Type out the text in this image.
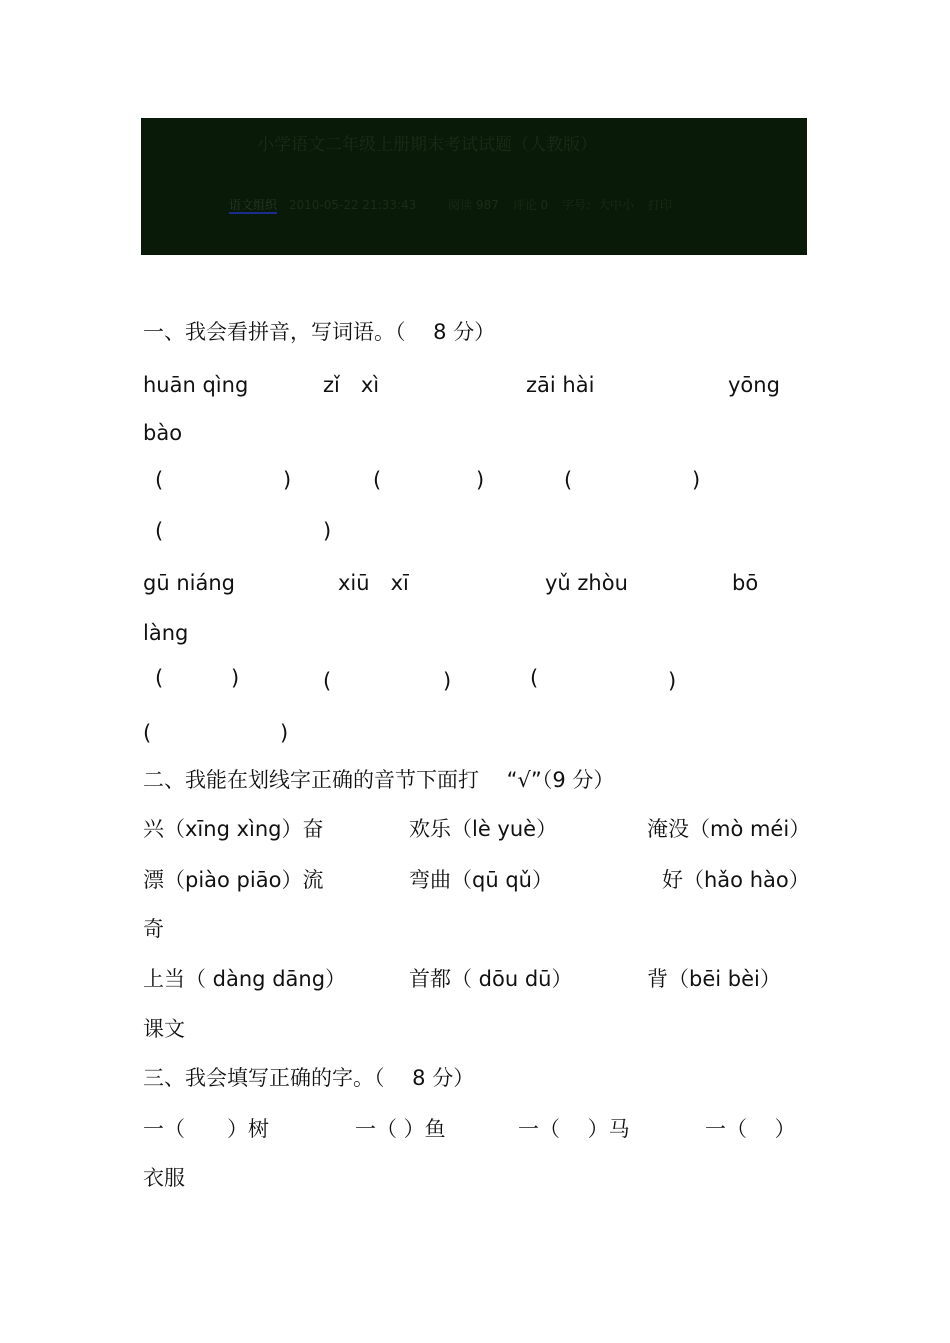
小学语文二年级上册期末考试试题（人教版）
语文组织 2010-05-22 21:33:43	阅读 987 评论 0 字号：大中小 打印
一、我会看拼音，写词语。（　 8 分）
huān qìng	zǐ　xì	zāi hài	yōng
bào
(	)	(	)	(	)
(	)
gū niáng	xiū　xī	yǔ zhòu	bō
làng
(	)	(	)	(	)
(	)
二、我能在划线字正确的音节下面打　 “√”（9 分）
兴（xīng xìng）奋	欢乐（lè yuè）	淹没（mò méi）
漂（piào piāo）流	弯曲（qū qǔ）	好（hǎo hào）
奇
上当（ dàng dāng）	首都（ dōu dū）	背（bēi bèi）
课文
三、我会填写正确的字。（　 8 分）
一（　　）树	一（ ）鱼	一（　 ）马	一（　 ）
衣服
